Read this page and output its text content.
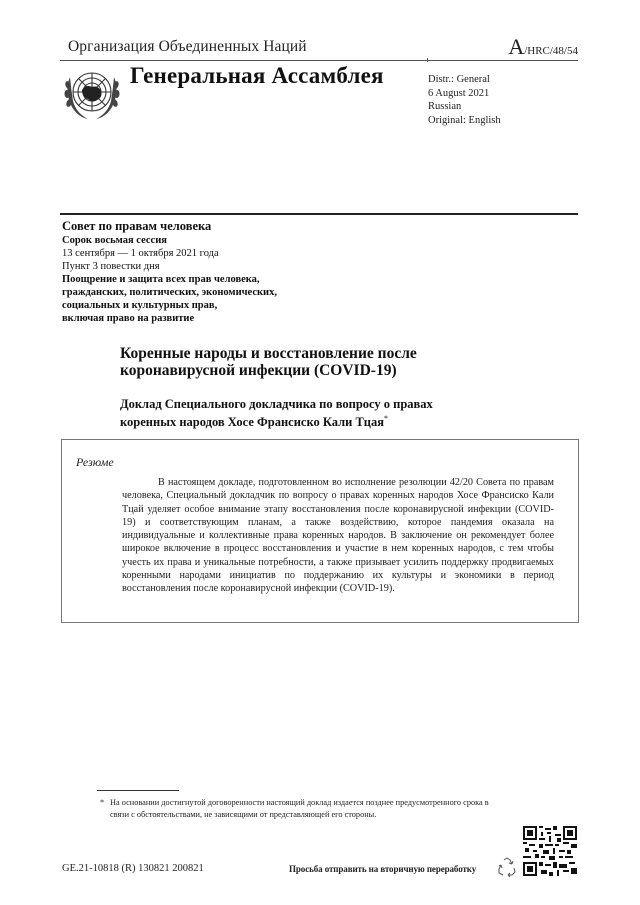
Организация Объединенных Наций	A/HRC/48/54
Генеральная Ассамблея	Distr.: General
6 August 2021
Russian
Original: English
Совет по правам человека
Сорок восьмая сессия
13 сентября — 1 октября 2021 года
Пункт 3 повестки дня
Поощрение и защита всех прав человека,
гражданских, политических, экономических,
социальных и культурных прав,
включая право на развитие
Коренные народы и восстановление после
коронавирусной инфекции (COVID-19)
Доклад Специального докладчика по вопросу о правах
коренных народов Хосе Франсиско Кали Тцая*
Резюме
В настоящем докладе, подготовленном во исполнение резолюции 42/20 Совета по правам человека, Специальный докладчик по вопросу о правах коренных народов Хосе Франсиско Кали Тцай уделяет особое внимание этапу восстановления после коронавирусной инфекции (COVID-19) и соответствующим планам, а также воздействию, которое пандемия оказала на индивидуальные и коллективные права коренных народов. В заключение он рекомендует более широкое включение в процесс восстановления и участие в нем коренных народов, с тем чтобы учесть их права и уникальные потребности, а также призывает усилить поддержку продвигаемых коренными народами инициатив по поддержанию их культуры и экономики в период восстановления после коронавирусной инфекции (COVID-19).
* На основании достигнутой договоренности настоящий доклад издается позднее предусмотренного срока в связи с обстоятельствами, не зависящими от представляющей его стороны.
GE.21-10818 (R) 130821 200821	Просьба отправить на вторичную переработку
